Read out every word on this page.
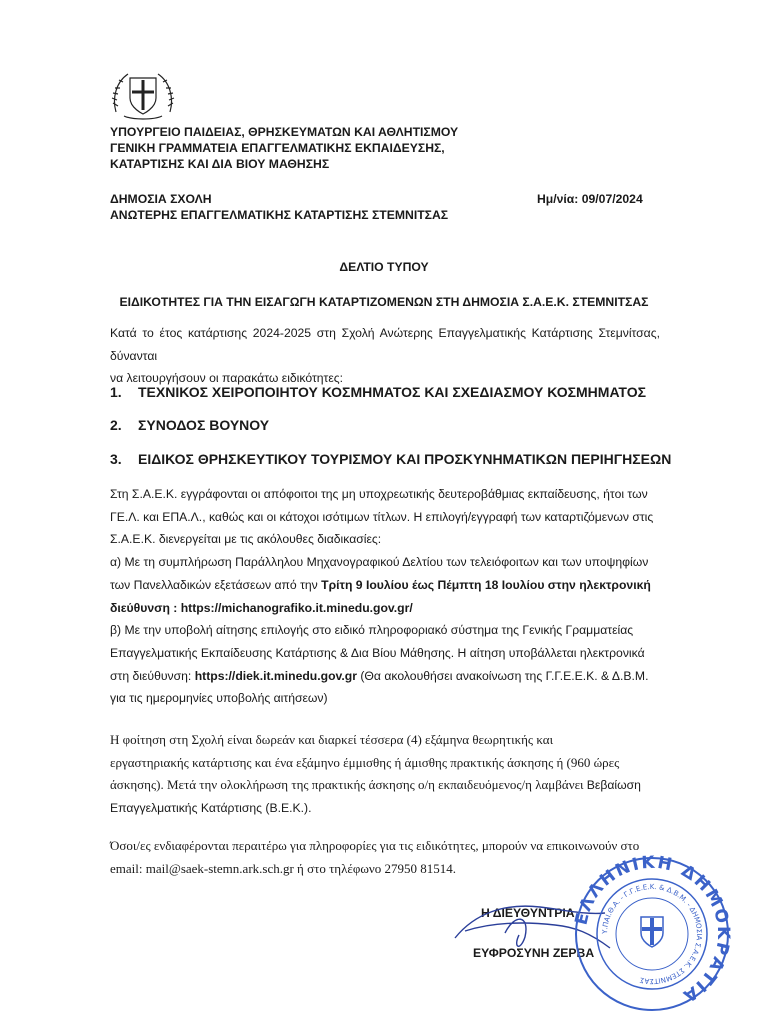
ΥΠΟΥΡΓΕΙΟ ΠΑΙΔΕΙΑΣ, ΘΡΗΣΚΕΥΜΑΤΩΝ ΚΑΙ ΑΘΛΗΤΙΣΜΟΥ
ΓΕΝΙΚΗ ΓΡΑΜΜΑΤΕΙΑ ΕΠΑΓΓΕΛΜΑΤΙΚΗΣ ΕΚΠΑΙΔΕΥΣΗΣ,
ΚΑΤΑΡΤΙΣΗΣ ΚΑΙ ΔΙΑ ΒΙΟΥ ΜΑΘΗΣΗΣ
ΔΗΜΟΣΙΑ ΣΧΟΛΗ
ΑΝΩΤΕΡΗΣ ΕΠΑΓΓΕΛΜΑΤΙΚΗΣ ΚΑΤΑΡΤΙΣΗΣ ΣΤΕΜΝΙΤΣΑΣ
Ημ/νία: 09/07/2024
ΔΕΛΤΙΟ ΤΥΠΟΥ
ΕΙΔΙΚΟΤΗΤΕΣ ΓΙΑ ΤΗΝ ΕΙΣΑΓΩΓΗ ΚΑΤΑΡΤΙΖΟΜΕΝΩΝ ΣΤΗ ΔΗΜΟΣΙΑ Σ.Α.Ε.Κ. ΣΤΕΜΝΙΤΣΑΣ
Κατά το έτος κατάρτισης 2024-2025 στη Σχολή Ανώτερης Επαγγελματικής Κατάρτισης Στεμνίτσας, δύνανται
να λειτουργήσουν οι παρακάτω ειδικότητες:
1. ΤΕΧΝΙΚΟΣ ΧΕΙΡΟΠΟΙΗΤΟΥ ΚΟΣΜΗΜΑΤΟΣ ΚΑΙ ΣΧΕΔΙΑΣΜΟΥ ΚΟΣΜΗΜΑΤΟΣ
2. ΣΥΝΟΔΟΣ ΒΟΥΝΟΥ
3. ΕΙΔΙΚΟΣ ΘΡΗΣΚΕΥΤΙΚΟΥ ΤΟΥΡΙΣΜΟΥ ΚΑΙ ΠΡΟΣΚΥΝΗΜΑΤΙΚΩΝ ΠΕΡΙΗΓΗΣΕΩΝ
Στη Σ.Α.Ε.Κ. εγγράφονται οι απόφοιτοι της μη υποχρεωτικής δευτεροβάθμιας εκπαίδευσης, ήτοι των
ΓΕ.Λ. και ΕΠΑ.Λ., καθώς και οι κάτοχοι ισότιμων τίτλων. Η επιλογή/εγγραφή των καταρτιζόμενων στις
Σ.Α.Ε.Κ. διενεργείται με τις ακόλουθες διαδικασίες:
α) Με τη συμπλήρωση Παράλληλου Μηχανογραφικού Δελτίου των τελειόφοιτων και των υποψηφίων
των Πανελλαδικών εξετάσεων από την Τρίτη 9 Ιουλίου έως Πέμπτη 18 Ιουλίου στην ηλεκτρονική
διεύθυνση : https://michanografiko.it.minedu.gov.gr/
β) Με την υποβολή αίτησης επιλογής στο ειδικό πληροφοριακό σύστημα της Γενικής Γραμματείας
Επαγγελματικής Εκπαίδευσης Κατάρτισης & Δια Βίου Μάθησης. Η αίτηση υποβάλλεται ηλεκτρονικά
στη διεύθυνση: https://diek.it.minedu.gov.gr (Θα ακολουθήσει ανακοίνωση της Γ.Γ.Ε.Ε.Κ. & Δ.Β.Μ.
για τις ημερομηνίες υποβολής αιτήσεων)
Η φοίτηση στη Σχολή είναι δωρεάν και διαρκεί τέσσερα (4) εξάμηνα θεωρητικής και
εργαστηριακής κατάρτισης και ένα εξάμηνο έμμισθης ή άμισθης πρακτικής άσκησης ή (960 ώρες
άσκησης). Μετά την ολοκλήρωση της πρακτικής άσκησης ο/η εκπαιδευόμενος/η λαμβάνει Βεβαίωση
Επαγγελματικής Κατάρτισης (Β.Ε.Κ.).
Όσοι/ες ενδιαφέρονται περαιτέρω για πληροφορίες για τις ειδικότητες, μπορούν να επικοινωνούν στο
email: mail@saek-stemn.ark.sch.gr ή στο τηλέφωνο 27950 81514.
Η ΔΙΕΥΘΥΝΤΡΙΑ
ΕΥΦΡΟΣΥΝΗ ΖΕΡΒΑ
ΕΛΛΗΝΙΚΗ ΔΗΜΟ ΡΑΤΙΑ
Υ.ΠΑΙ.Θ.Α. - Γ.Γ.Ε.Ε.Κ. & Δ.Β.Μ. - ΔΗΜΟΣΙΑ Σ.Α.Ε.Κ. ΣΤΕΜΝΙΤΣΑΣ
